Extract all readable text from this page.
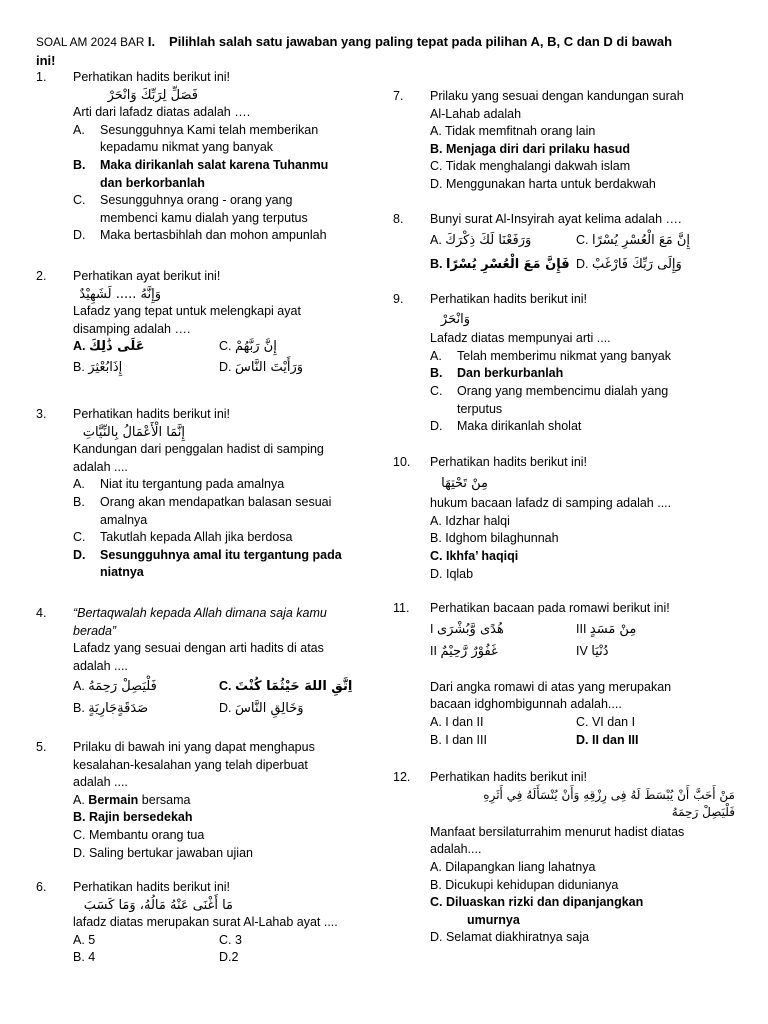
SOAL AM 2024 BAR I. Pilihlah salah satu jawaban yang paling tepat pada pilihan A, B, C dan D di bawah
ini!
1. Perhatikan hadits berikut ini!
فَصَلِّ لِرَبِّكَ وَانْحَرْ
Arti dari lafadz diatas adalah ….
A. Sesungguhnya Kami telah memberikan
kepadamu nikmat yang banyak
B. Maka dirikanlah salat karena Tuhanmu
dan berkorbanlah
C. Sesungguhnya orang - orang yang
membenci kamu dialah yang terputus
D. Maka bertasbihlah dan mohon ampunlah
2. Perhatikan ayat berikut ini!
وَإِنَّهُ ..... لَشَهِيْدٌ
Lafadz yang tepat untuk melengkapi ayat
disamping adalah ….
A. عَلَى ذَٰلِكَ	C. إِنَّ رَبَّهُمْ
B. إِذَابُعْثِرَ	D. وَرَأَيْتَ النَّاسَ
3. Perhatikan hadits berikut ini!
إِنَّمَا الْأَعْمَالُ بِالنِّيَّاتِ
Kandungan dari penggalan hadist di samping
adalah ....
A. Niat itu tergantung pada amalnya
B. Orang akan mendapatkan balasan sesuai
amalnya
C. Takutlah kepada Allah jika berdosa
D. Sesungguhnya amal itu tergantung pada
niatnya
4. “Bertaqwalah kepada Allah dimana saja kamu
berada”
Lafadz yang sesuai dengan arti hadits di atas
adalah ....
A. فَلْيَصِلْ رَحِمَهُ	C. اِتَّقِ اللهَ حَيْثُمَا كُنْتَ
B. صَدَقَةٍجَارِيَةٍ	D. وَخَالِقِ النَّاسَ
5. Prilaku di bawah ini yang dapat menghapus
kesalahan-kesalahan yang telah diperbuat
adalah ....
A. Bermain bersama
B. Rajin bersedekah
C. Membantu orang tua
D. Saling bertukar jawaban ujian
6. Perhatikan hadits berikut ini!
مَا أَغْنَى عَنْهُ مَالُهُ، وَمَا كَسَبَ
lafadz diatas merupakan surat Al-Lahab ayat ....
A. 5	C. 3
B. 4	D.2
7. Prilaku yang sesuai dengan kandungan surah
Al-Lahab adalah
A. Tidak memfitnah orang lain
B. Menjaga diri dari prilaku hasud
C. Tidak menghalangi dakwah islam
D. Menggunakan harta untuk berdakwah
8. Bunyi surat Al-Insyirah ayat kelima adalah ….
A. وَرَفَعْنَا لَكَ ذِكْرَكَ	C. إِنَّ مَعَ الْعُسْرِ يُسْرًا
B. فَإِنَّ مَعَ الْعُسْرِ يُسْرًا D. وَإِلَى رَبِّكَ فَارْغَبْ
9. Perhatikan hadits berikut ini!
وَانْحَرْ
Lafadz diatas mempunyai arti ....
A. Telah memberimu nikmat yang banyak
B. Dan berkurbanlah
C. Orang yang membencimu dialah yang
terputus
D. Maka dirikanlah sholat
10. Perhatikan hadits berikut ini!
مِنْ تَحْتِهَا
hukum bacaan lafadz di samping adalah ....
A. Idzhar halqi
B. Idghom bilaghunnah
C. Ikhfa’ haqiqi
D. Iqlab
11. Perhatikan bacaan pada romawi berikut ini!
I هُدًى وَّبُشْرَى	III مِنْ مَسَدٍ
II غَفُوْرٌ رَّحِيْمٌ	IV دُنْيَا
Dari angka romawi di atas yang merupakan
bacaan idghombigunnah adalah....
A. I dan II	C. VI dan I
B. I dan III	D. II dan III
12. Perhatikan hadits berikut ini!
مَنْ أَحَبَّ أَنْ يُبْسَطَ لَهُ فِى رِزْقِهِ وَأَنْ يُنْسَأَلَهُ فِي أَثَرِهِ
فَلْيَصِلْ رَحِمَهُ
Manfaat bersilaturrahim menurut hadist diatas
adalah....
A. Dilapangkan liang lahatnya
B. Dicukupi kehidupan didunianya
C. Diluaskan rizki dan dipanjangkan
umurnya
D. Selamat diakhiratnya saja
